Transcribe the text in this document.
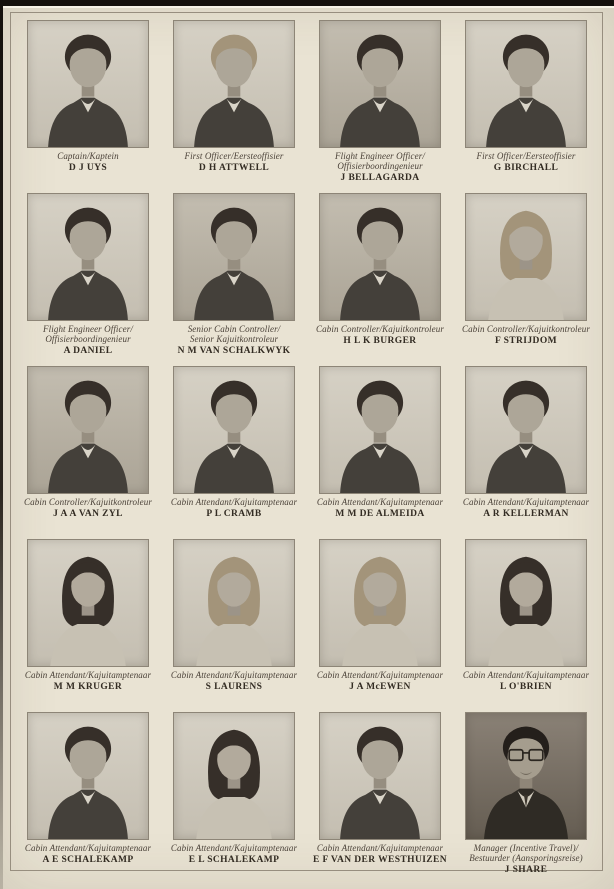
Captain/Kaptein
D J UYS
First Officer/Eersteoffisier
D H ATTWELL
Flight Engineer Officer/
Offisierboordingenieur
J BELLAGARDA
First Officer/Eersteoffisier
G BIRCHALL
Flight Engineer Officer/
Offisierboordingenieur
A DANIEL
Senior Cabin Controller/
Senior Kajuitkontroleur
N M VAN SCHALKWYK
Cabin Controller/Kajuitkontroleur
H L K BURGER
Cabin Controller/Kajuitkontroleur
F STRIJDOM
Cabin Controller/Kajuitkontroleur
J A A VAN ZYL
Cabin Attendant/Kajuitamptenaar
P L CRAMB
Cabin Attendant/Kajuitamptenaar
M M DE ALMEIDA
Cabin Attendant/Kajuitamptenaar
A R KELLERMAN
Cabin Attendant/Kajuitamptenaar
M M KRUGER
Cabin Attendant/Kajuitamptenaar
S LAURENS
Cabin Attendant/Kajuitamptenaar
J A McEWEN
Cabin Attendant/Kajuitamptenaar
L O'BRIEN
Cabin Attendant/Kajuitamptenaar
A E SCHALEKAMP
Cabin Attendant/Kajuitamptenaar
E L SCHALEKAMP
Cabin Attendant/Kajuitamptenaar
E F VAN DER WESTHUIZEN
Manager (Incentive Travel)/
Bestuurder (Aansporingsreise)
J SHARE
